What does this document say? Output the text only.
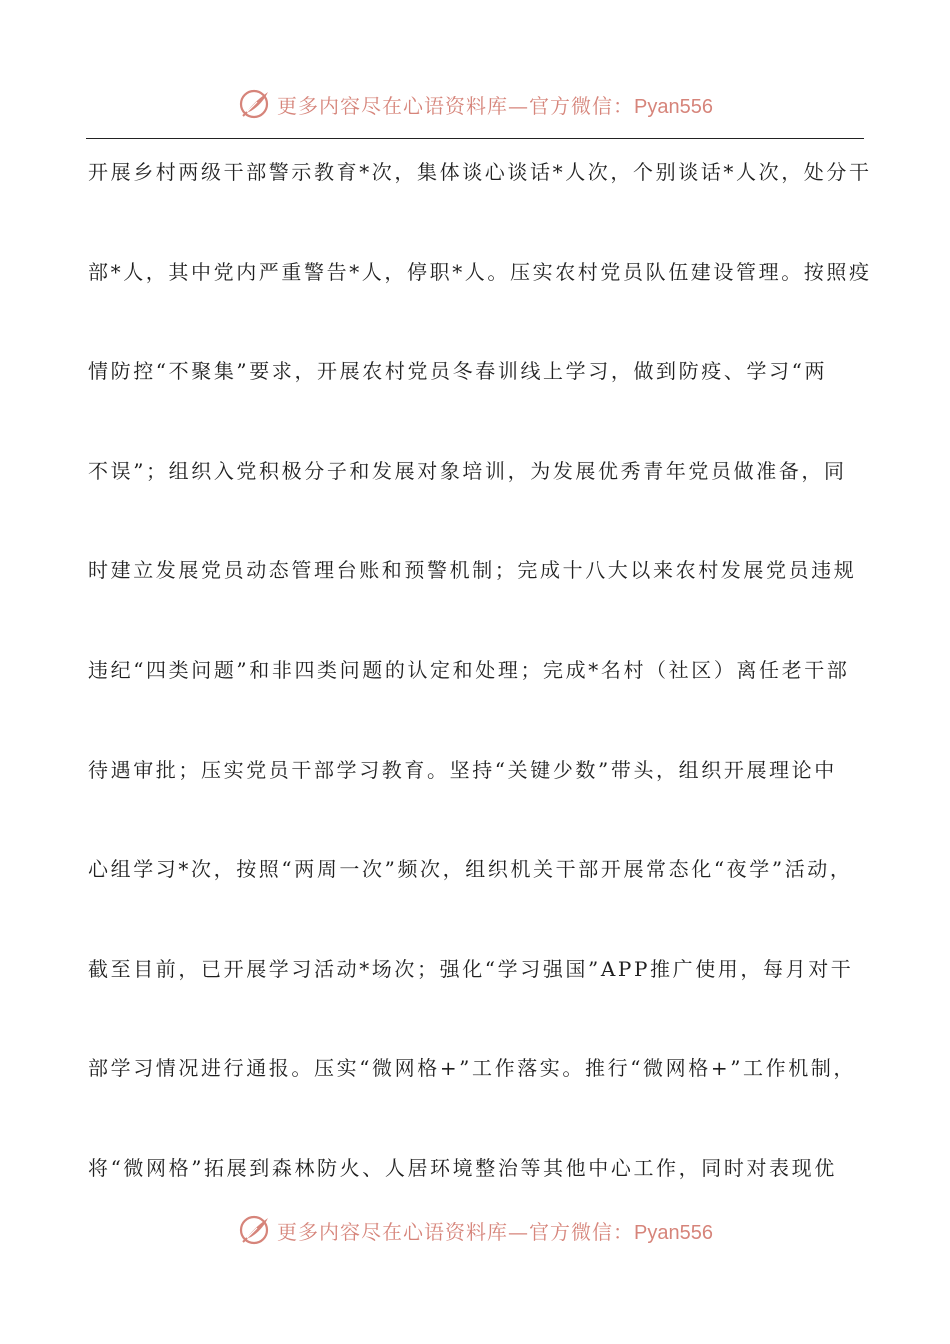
更多内容尽在心语资料库—官方微信：Pyan556
开展乡村两级干部警示教育*次，集体谈心谈话*人次，个别谈话*人次，处分干
部*人，其中党内严重警告*人，停职*人。压实农村党员队伍建设管理。按照疫
情防控“不聚集”要求，开展农村党员冬春训线上学习，做到防疫、学习“两
不误”；组织入党积极分子和发展对象培训，为发展优秀青年党员做准备，同
时建立发展党员动态管理台账和预警机制；完成十八大以来农村发展党员违规
违纪“四类问题”和非四类问题的认定和处理；完成*名村（社区）离任老干部
待遇审批；压实党员干部学习教育。坚持“关键少数”带头，组织开展理论中
心组学习*次，按照“两周一次”频次，组织机关干部开展常态化“夜学”活动，
截至目前，已开展学习活动*场次；强化“学习强国”APP推广使用，每月对干
部学习情况进行通报。压实“微网格+”工作落实。推行“微网格+”工作机制，
将“微网格”拓展到森林防火、人居环境整治等其他中心工作，同时对表现优
更多内容尽在心语资料库—官方微信：Pyan556
